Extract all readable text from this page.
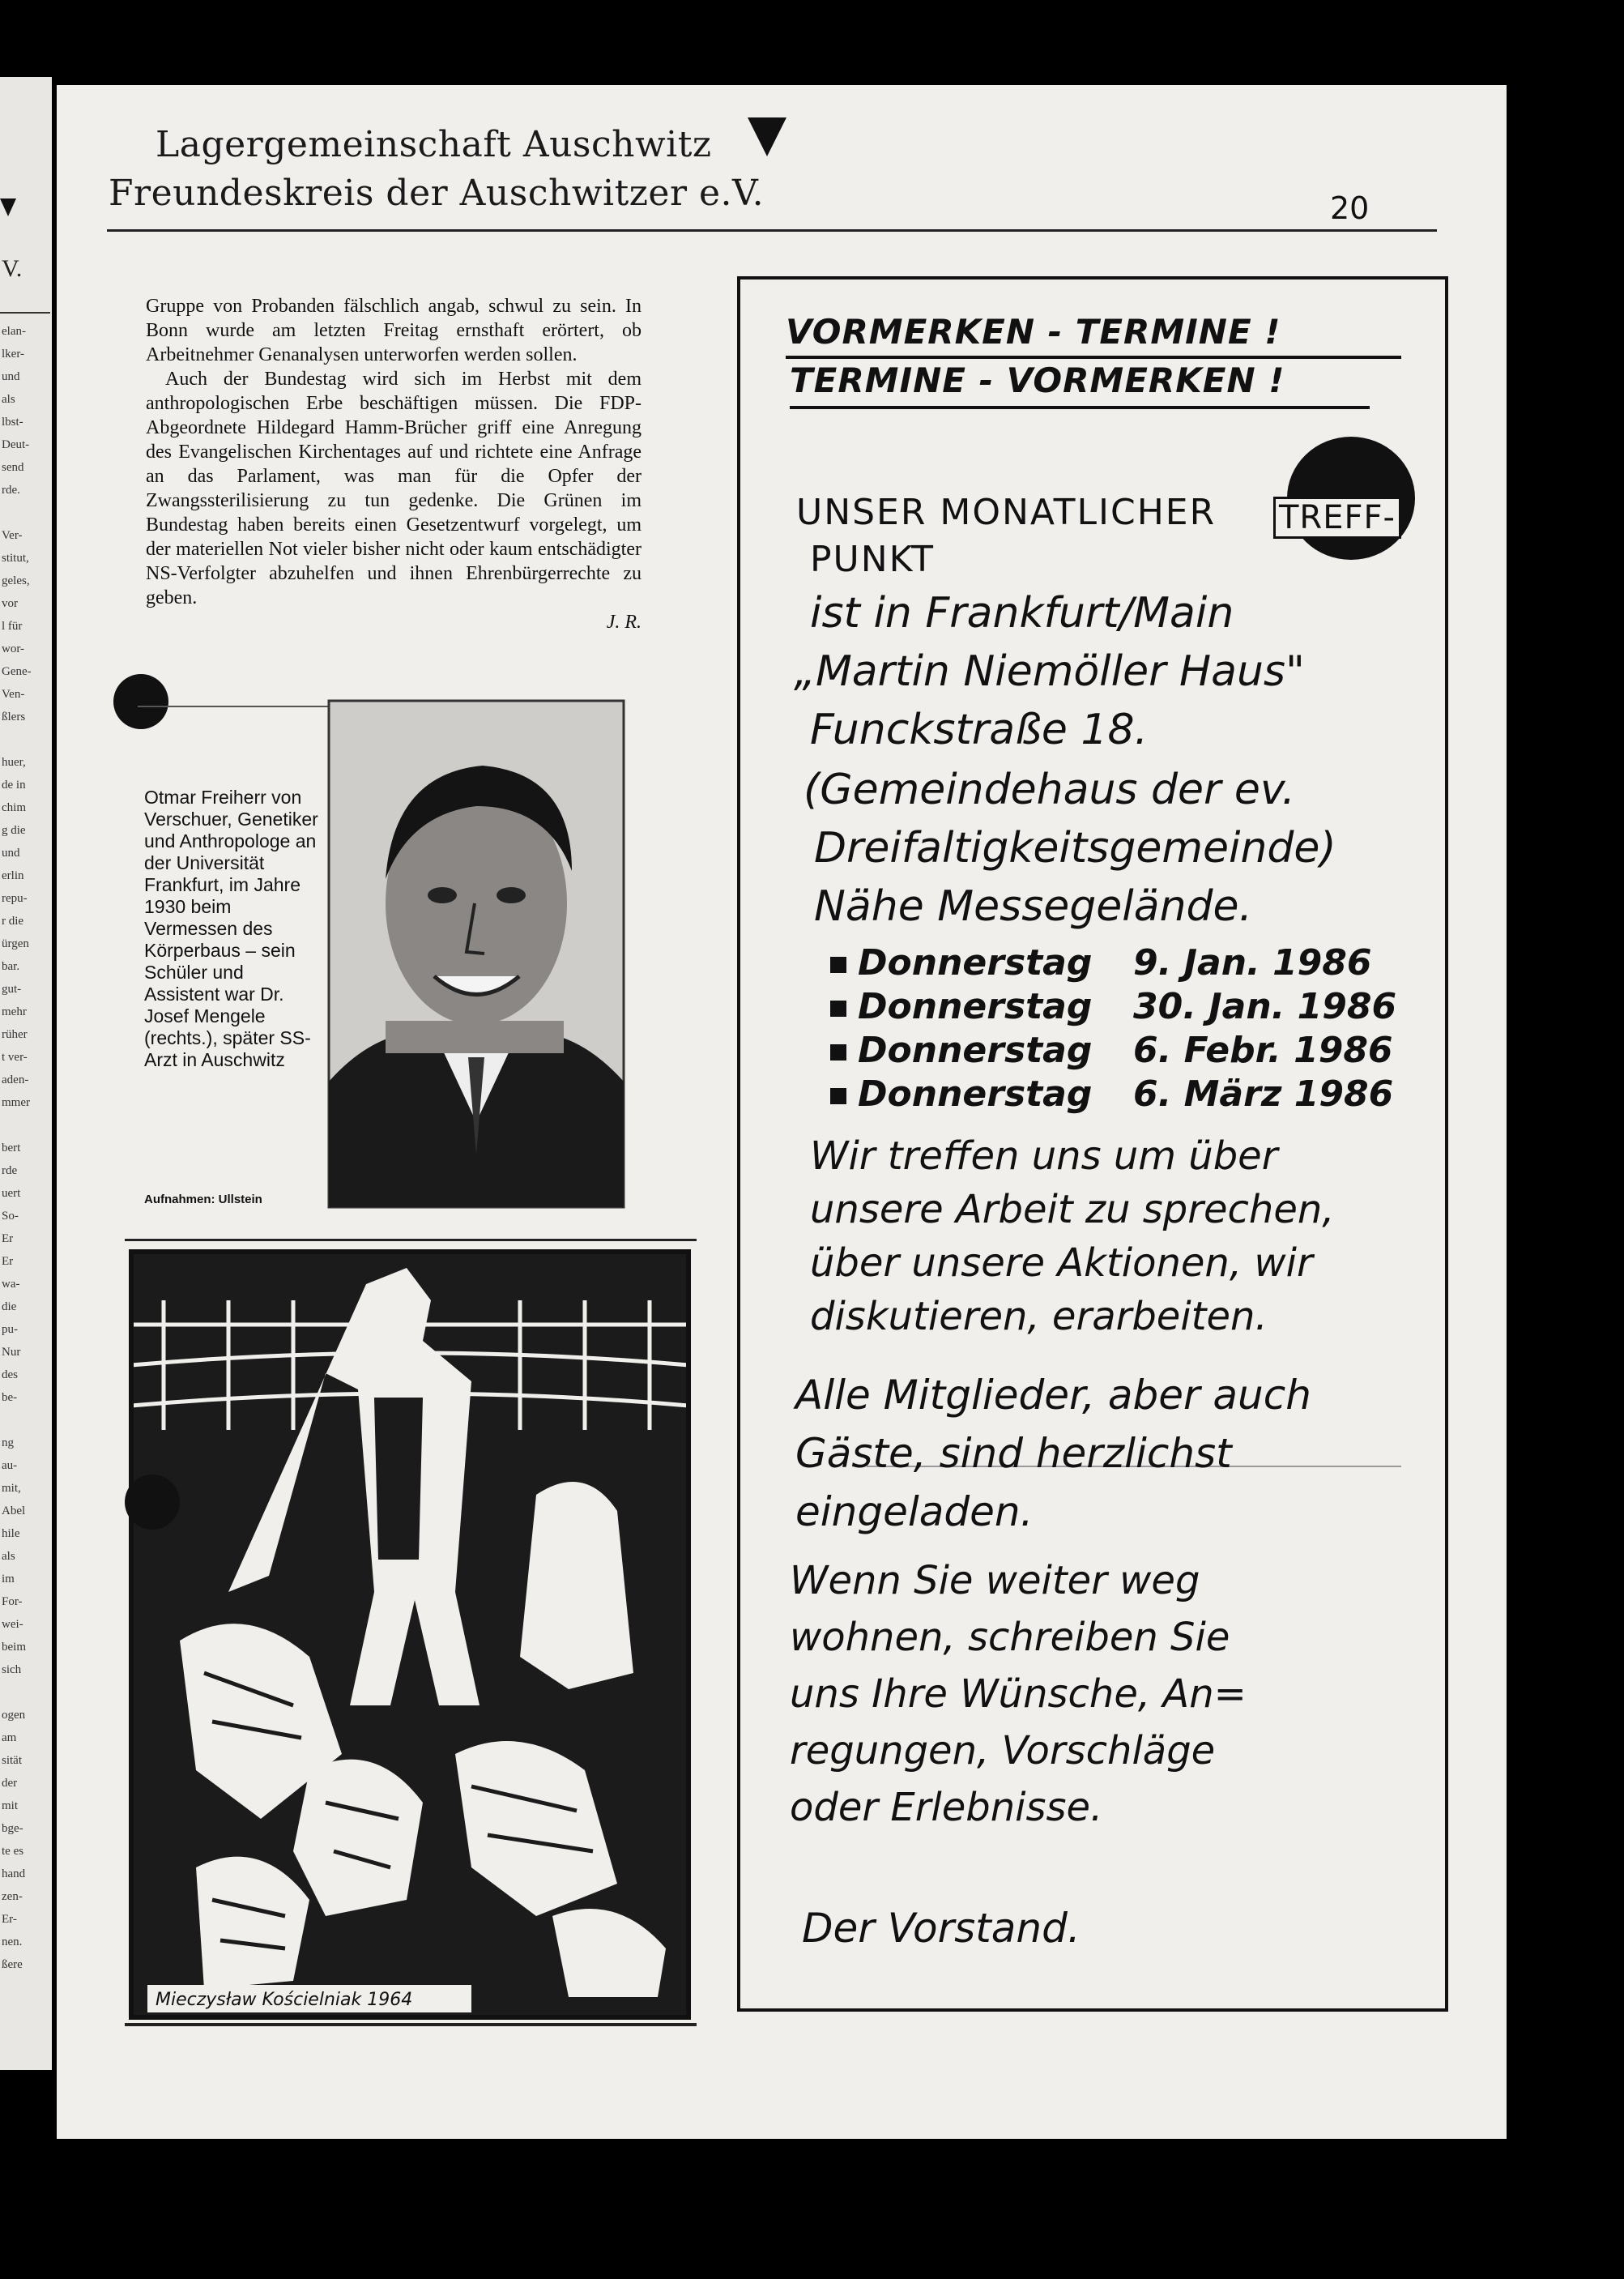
V.
elan-
lker-
und
als
lbst-
Deut-
send
rde.

Ver-
stitut,
geles,
vor
l für
wor-
Gene-
Ven-
ßlers

huer,
de in
chim
g die
und
erlin
repu-
r die
ürgen
bar.
gut-
mehr
rüher
t ver-
aden-
mmer

bert
rde
uert
So-
Er
Er
wa-
die
pu-
Nur
des
be-

ng
au-
mit,
Abel
hile
als
im
For-
wei-
beim
sich

ogen
am
sität
der
mit
bge-
te es
hand
zen-
Er-
nen.
ßere
Lagergemeinschaft Auschwitz
Freundeskreis der Auschwitzer e.V.	20

Gruppe von Probanden fälschlich angab, schwul zu sein. In Bonn wurde am letzten Freitag ernsthaft erörtert, ob Arbeitnehmer Genanalysen unterworfen werden sollen.

Auch der Bundestag wird sich im Herbst mit dem anthropologischen Erbe beschäftigen müssen. Die FDP-Abgeordnete Hildegard Hamm-Brücher griff eine Anregung des Evangelischen Kirchentages auf und richtete eine Anfrage an das Parlament, was man für die Opfer der Zwangssterilisierung zu tun gedenke. Die Grünen im Bundestag haben bereits einen Gesetzentwurf vorgelegt, um der materiellen Not vieler bisher nicht oder kaum entschädigter NS-Verfolgter abzuhelfen und ihnen Ehrenbürgerrechte zu geben.

J. R.
Otmar Freiherr von Verschuer, Genetiker und Anthropologe an der Universität Frankfurt, im Jahre 1930 beim Vermessen des Körperbaus – sein Schüler und Assistent war Dr. Josef Mengele (rechts.), später SS-Arzt in Auschwitz
Aufnahmen: Ullstein
Mieczysław Kościelniak 1964
VORMERKEN - TERMINE !
TERMINE - VORMERKEN !
UNSER MONATLICHER TREFF-
PUNKT
ist in Frankfurt/Main
„Martin Niemöller Haus"
Funckstraße 18.
(Gemeindehaus der ev.
Dreifaltigkeitsgemeinde)
Nähe Messegelände.
Donnerstag 9. Jan. 1986
Donnerstag 30. Jan. 1986
Donnerstag 6. Febr. 1986
Donnerstag 6. März 1986
Wir treffen uns um über
unsere Arbeit zu sprechen,
über unsere Aktionen, wir
diskutieren, erarbeiten.
Alle Mitglieder, aber auch
Gäste, sind herzlichst
eingeladen.
Wenn Sie weiter weg
wohnen, schreiben Sie
uns Ihre Wünsche, An=
regungen, Vorschläge
oder Erlebnisse.
Der Vorstand.
